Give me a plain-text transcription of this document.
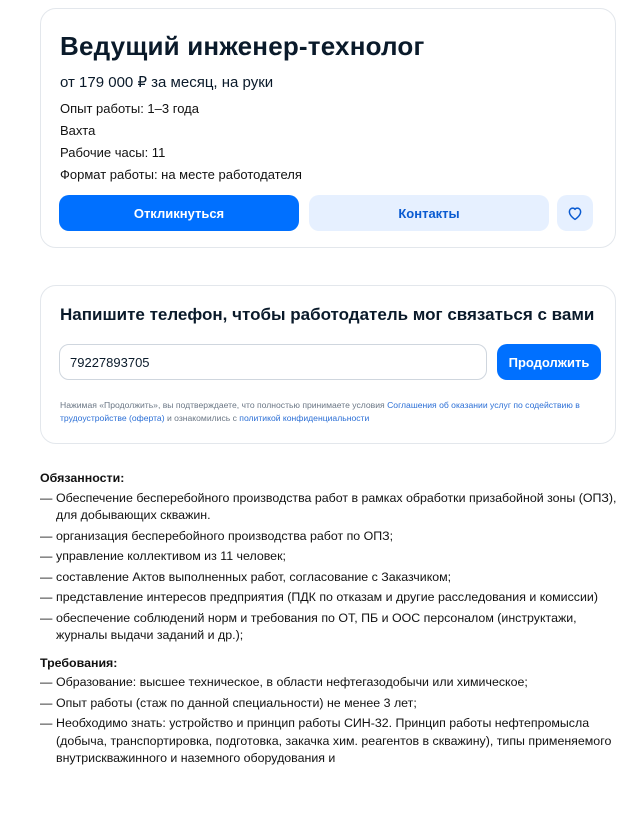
Ведущий инженер-технолог
от 179 000 ₽ за месяц, на руки
Опыт работы: 1–3 года
Вахта
Рабочие часы: 11
Формат работы: на месте работодателя
Откликнуться	Контакты
Напишите телефон, чтобы работодатель мог связаться с вами
79227893705
Продолжить
Нажимая «Продолжить», вы подтверждаете, что полностью принимаете условия Соглашения об оказании услуг по содействию в трудоустройстве (оферта) и ознакомились с политикой конфиденциальности
Обязанности:
— Обеспечение бесперебойного производства работ в рамках обработки призабойной зоны (ОПЗ), для добывающих скважин.
— организация бесперебойного производства работ по ОПЗ;
— управление коллективом из 11 человек;
— составление Актов выполненных работ, согласование с Заказчиком;
— представление интересов предприятия (ПДК по отказам и другие расследования и комиссии)
— обеспечение соблюдений норм и требования по ОТ, ПБ и ООС персоналом (инструктажи, журналы выдачи заданий и др.);
Требования:
— Образование: высшее техническое, в области нефтегазодобычи или химическое;
— Опыт работы (стаж по данной специальности) не менее 3 лет;
— Необходимо знать: устройство и принцип работы СИН-32. Принцип работы нефтепромысла (добыча, транспортировка, подготовка, закачка хим. реагентов в скважину), типы применяемого внутрискважинного и наземного оборудования и
